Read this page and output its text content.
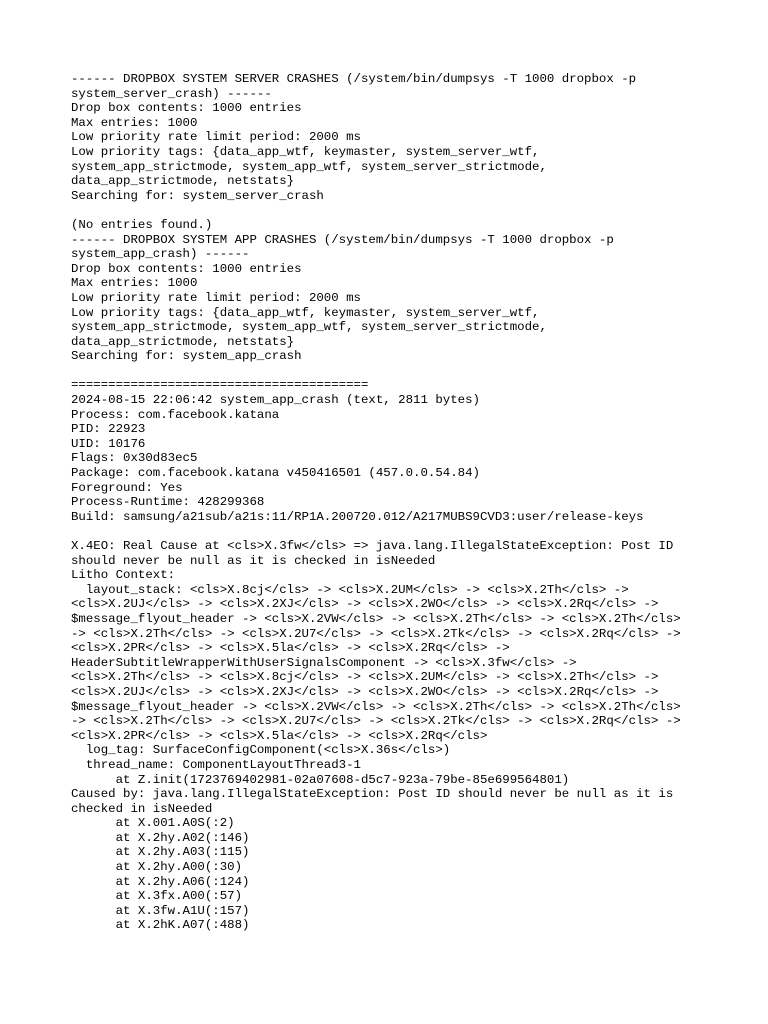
------ DROPBOX SYSTEM SERVER CRASHES (/system/bin/dumpsys -T 1000 dropbox -p
system_server_crash) ------
Drop box contents: 1000 entries
Max entries: 1000
Low priority rate limit period: 2000 ms
Low priority tags: {data_app_wtf, keymaster, system_server_wtf,
system_app_strictmode, system_app_wtf, system_server_strictmode,
data_app_strictmode, netstats}
Searching for: system_server_crash
(No entries found.)
------ DROPBOX SYSTEM APP CRASHES (/system/bin/dumpsys -T 1000 dropbox -p
system_app_crash) ------
Drop box contents: 1000 entries
Max entries: 1000
Low priority rate limit period: 2000 ms
Low priority tags: {data_app_wtf, keymaster, system_server_wtf,
system_app_strictmode, system_app_wtf, system_server_strictmode,
data_app_strictmode, netstats}
Searching for: system_app_crash
========================================
2024-08-15 22:06:42 system_app_crash (text, 2811 bytes)
Process: com.facebook.katana
PID: 22923
UID: 10176
Flags: 0x30d83ec5
Package: com.facebook.katana v450416501 (457.0.0.54.84)
Foreground: Yes
Process-Runtime: 428299368
Build: samsung/a21sub/a21s:11/RP1A.200720.012/A217MUBS9CVD3:user/release-keys
X.4EO: Real Cause at <cls>X.3fw</cls> => java.lang.IllegalStateException: Post ID
should never be null as it is checked in isNeeded
Litho Context:
layout_stack: <cls>X.8cj</cls> -> <cls>X.2UM</cls> -> <cls>X.2Th</cls> ->
<cls>X.2UJ</cls> -> <cls>X.2XJ</cls> -> <cls>X.2WO</cls> -> <cls>X.2Rq</cls> ->
$message_flyout_header -> <cls>X.2VW</cls> -> <cls>X.2Th</cls> -> <cls>X.2Th</cls>
-> <cls>X.2Th</cls> -> <cls>X.2U7</cls> -> <cls>X.2Tk</cls> -> <cls>X.2Rq</cls> ->
<cls>X.2PR</cls> -> <cls>X.5la</cls> -> <cls>X.2Rq</cls> ->
HeaderSubtitleWrapperWithUserSignalsComponent -> <cls>X.3fw</cls> ->
<cls>X.2Th</cls> -> <cls>X.8cj</cls> -> <cls>X.2UM</cls> -> <cls>X.2Th</cls> ->
<cls>X.2UJ</cls> -> <cls>X.2XJ</cls> -> <cls>X.2WO</cls> -> <cls>X.2Rq</cls> ->
$message_flyout_header -> <cls>X.2VW</cls> -> <cls>X.2Th</cls> -> <cls>X.2Th</cls>
-> <cls>X.2Th</cls> -> <cls>X.2U7</cls> -> <cls>X.2Tk</cls> -> <cls>X.2Rq</cls> ->
<cls>X.2PR</cls> -> <cls>X.5la</cls> -> <cls>X.2Rq</cls>
log_tag: SurfaceConfigComponent(<cls>X.36s</cls>)
thread_name: ComponentLayoutThread3-1
at Z.init(1723769402981-02a07608-d5c7-923a-79be-85e699564801)
Caused by: java.lang.IllegalStateException: Post ID should never be null as it is
checked in isNeeded
at X.001.A0S(:2)
at X.2hy.A02(:146)
at X.2hy.A03(:115)
at X.2hy.A00(:30)
at X.2hy.A06(:124)
at X.3fx.A00(:57)
at X.3fw.A1U(:157)
at X.2hK.A07(:488)
